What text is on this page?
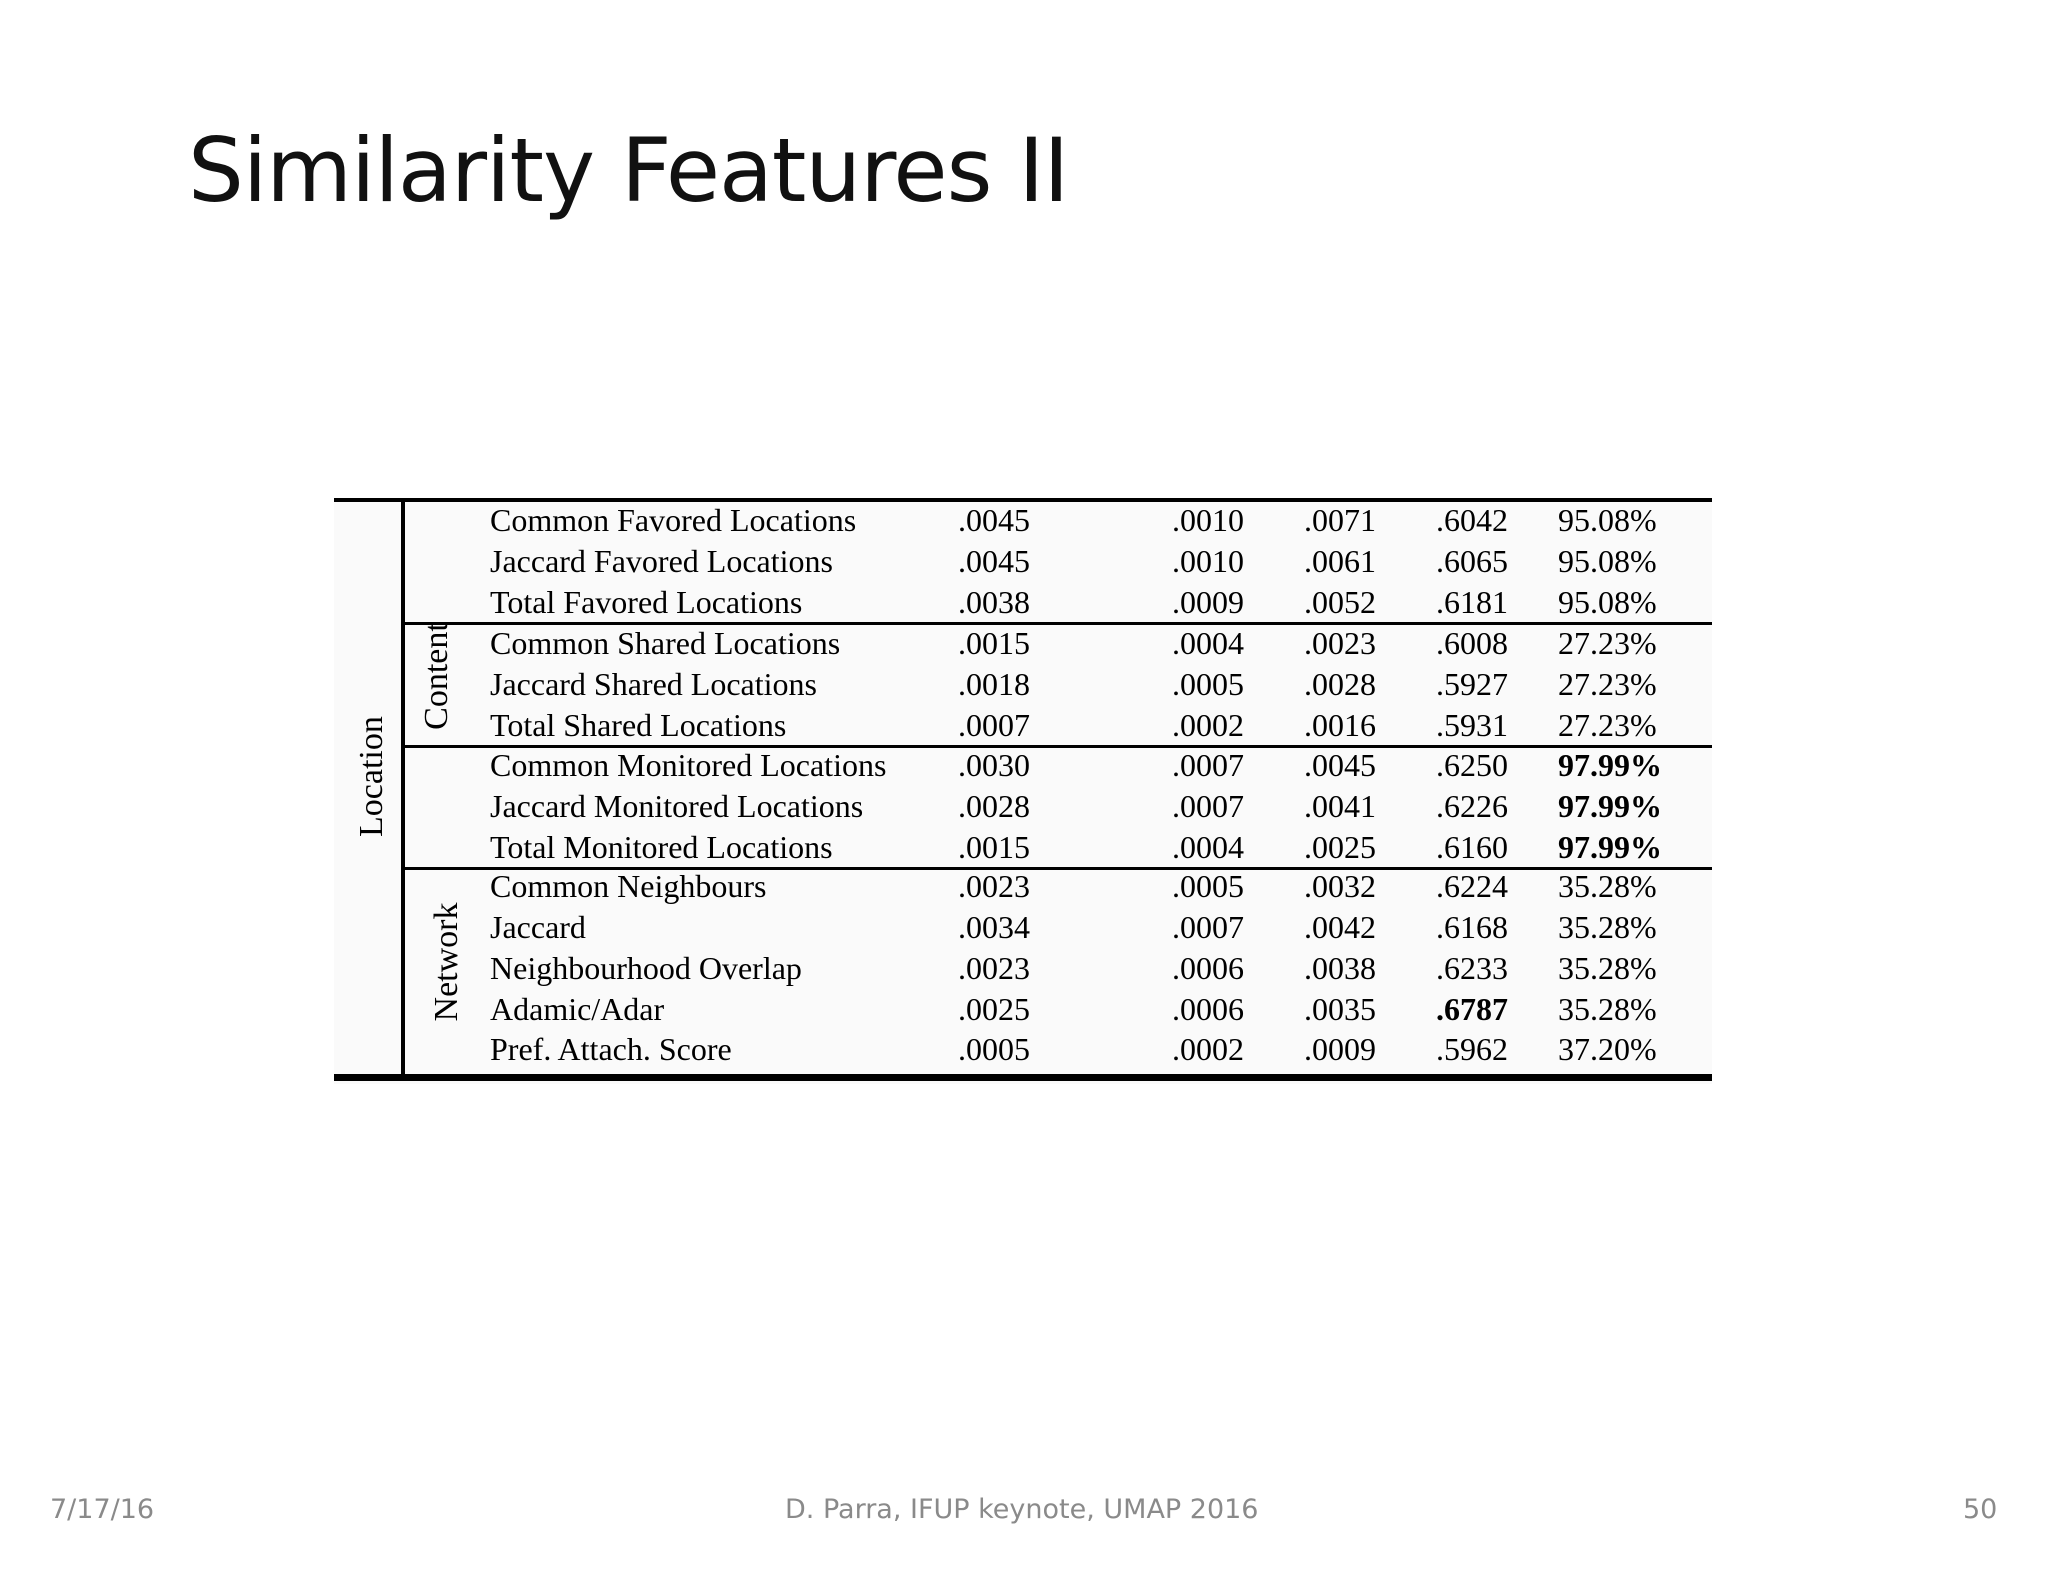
Similarity Features II
Location
Content
Network
Common Favored Locations	.0045	.0010 .0071 .6042 95.08%
Jaccard Favored Locations	.0045	.0010 .0061 .6065 95.08%
Total Favored Locations	.0038	.0009 .0052 .6181 95.08%
Common Shared Locations	.0015	.0004 .0023 .6008 27.23%
Jaccard Shared Locations	.0018	.0005 .0028 .5927 27.23%
Total Shared Locations	.0007	.0002 .0016 .5931 27.23%
Common Monitored Locations .0030	.0007 .0045 .6250 97.99%
Jaccard Monitored Locations	.0028	.0007 .0041 .6226 97.99%
Total Monitored Locations	.0015	.0004 .0025 .6160 97.99%
Common Neighbours	.0023	.0005 .0032 .6224 35.28%
Jaccard	.0034	.0007 .0042 .6168 35.28%
Neighbourhood Overlap	.0023	.0006 .0038 .6233 35.28%
Adamic/Adar	.0025	.0006 .0035 .6787 35.28%
Pref. Attach. Score	.0005	.0002 .0009 .5962 37.20%
7/17/16	D. Parra, IFUP keynote, UMAP 2016	50
